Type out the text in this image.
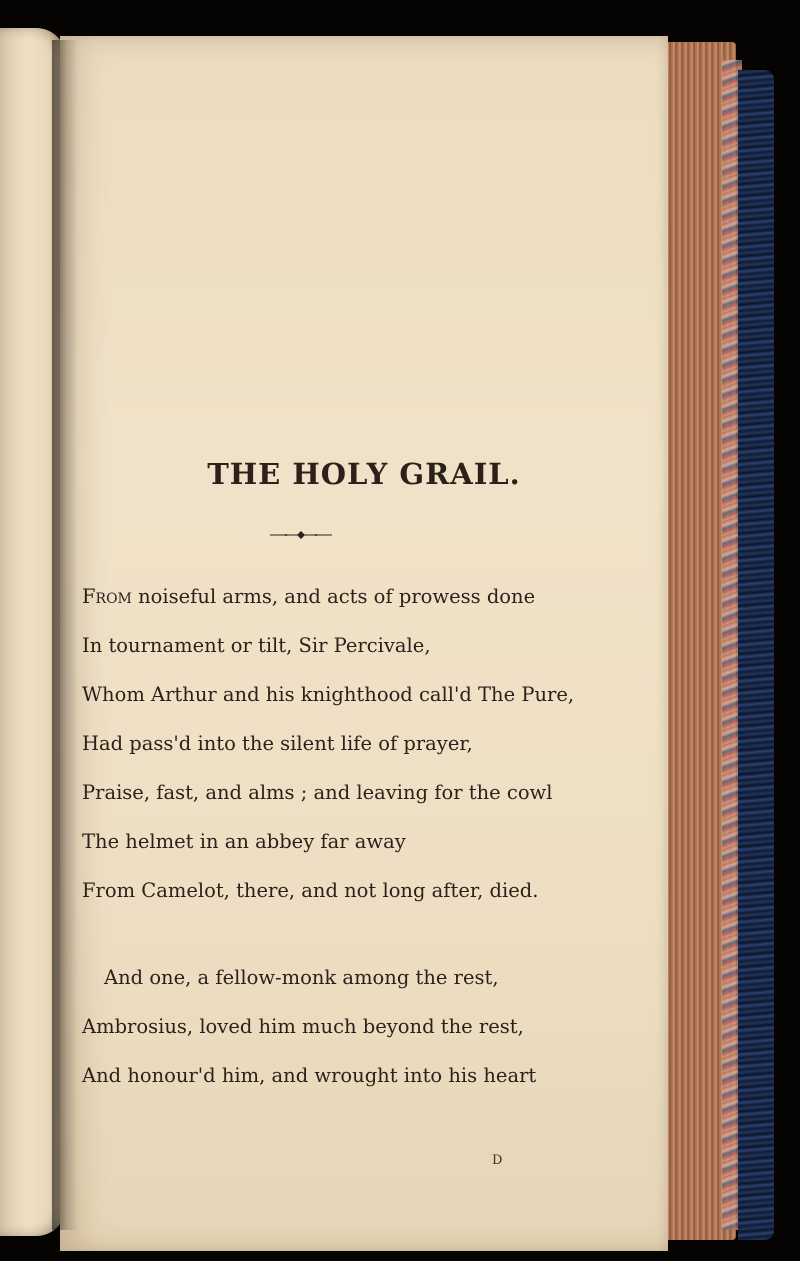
THE HOLY GRAIL.
From noiseful arms, and acts of prowess done
In tournament or tilt, Sir Percivale,
Whom Arthur and his knighthood call'd The Pure,
Had pass'd into the silent life of prayer,
Praise, fast, and alms ; and leaving for the cowl
The helmet in an abbey far away
From Camelot, there, and not long after, died.
And one, a fellow-monk among the rest,
Ambrosius, loved him much beyond the rest,
And honour'd him, and wrought into his heart
D
